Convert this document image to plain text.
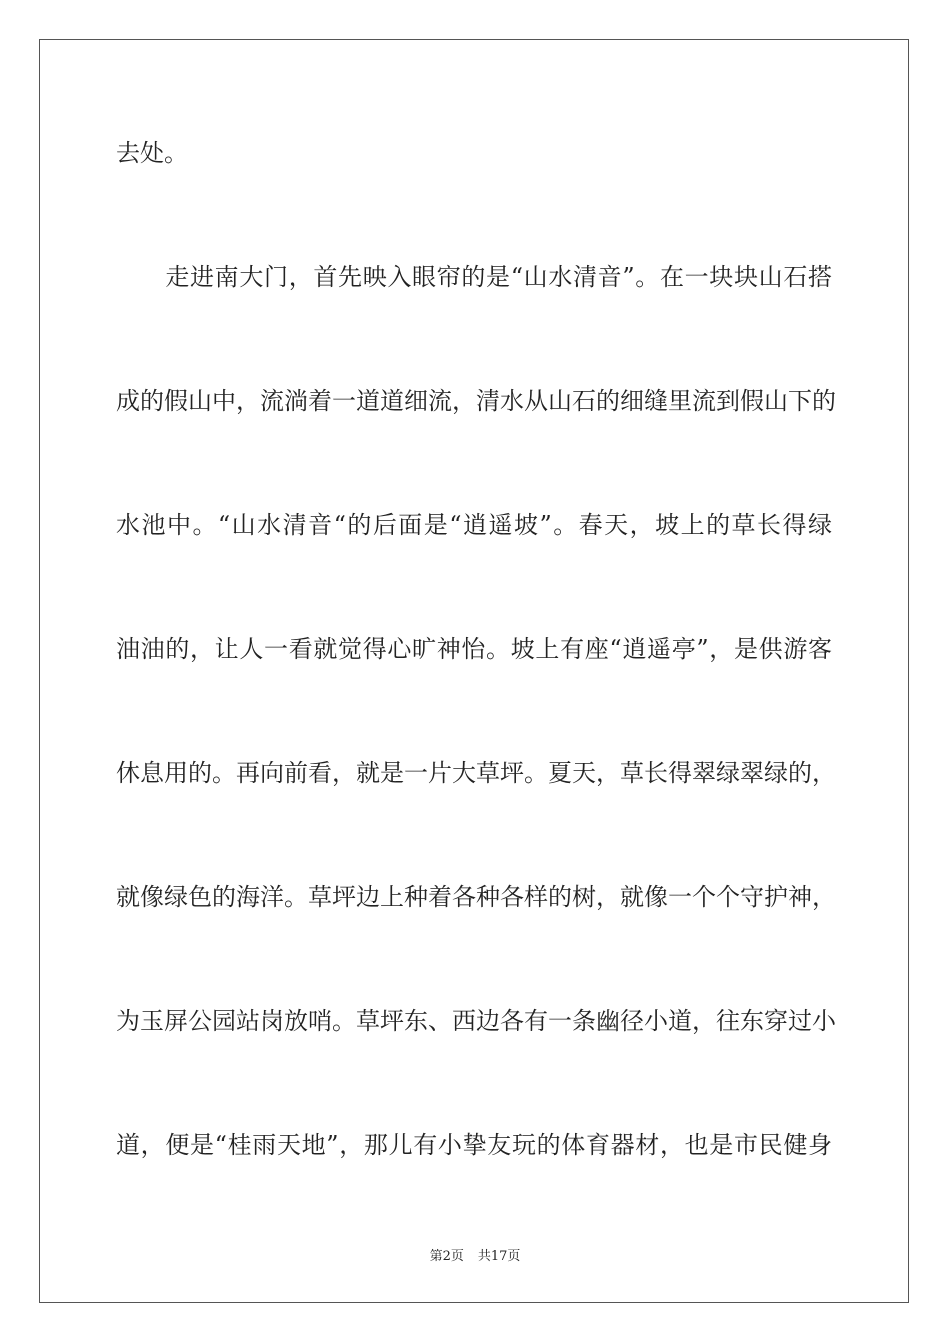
去处。
　　走进南大门，首先映入眼帘的是“山水清音”。在一块块山石搭
成的假山中，流淌着一道道细流，清水从山石的细缝里流到假山下的
水池中。“山水清音“的后面是“逍遥坡”。春天，坡上的草长得绿
油油的，让人一看就觉得心旷神怡。坡上有座“逍遥亭”，是供游客
休息用的。再向前看，就是一片大草坪。夏天，草长得翠绿翠绿的，
就像绿色的海洋。草坪边上种着各种各样的树，就像一个个守护神，
为玉屏公园站岗放哨。草坪东、西边各有一条幽径小道，往东穿过小
道，便是“桂雨天地”，那儿有小挚友玩的体育器材，也是市民健身
第2页 共17页
